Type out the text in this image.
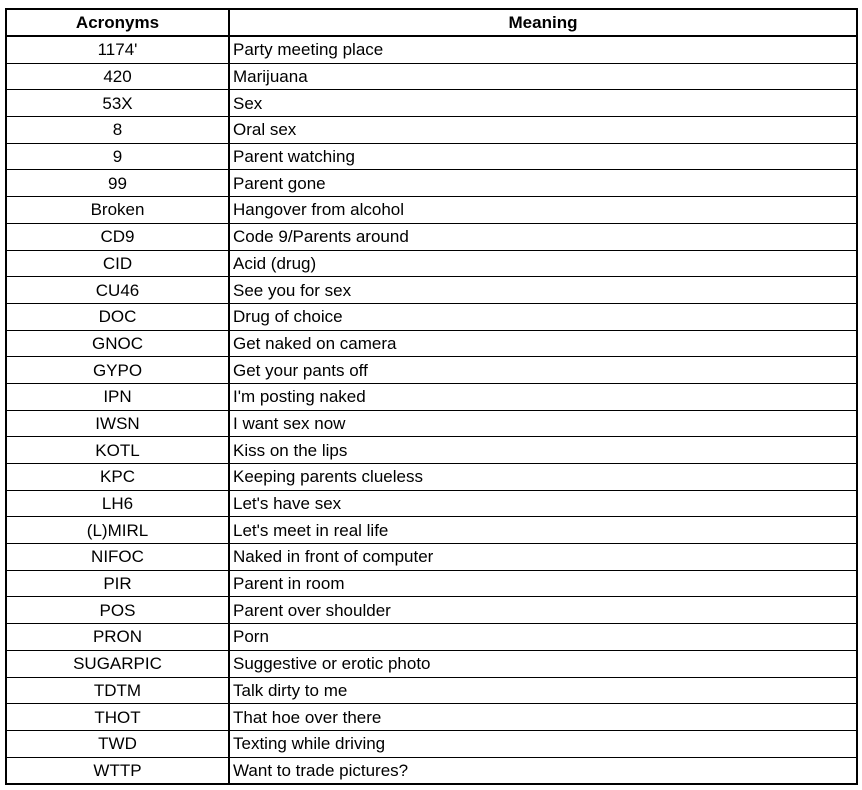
Acronyms	Meaning
1174'	Party meeting place
420	Marijuana
53X	Sex
8	Oral sex
9	Parent watching
99	Parent gone
Broken	Hangover from alcohol
CD9	Code 9/Parents around
CID	Acid (drug)
CU46	See you for sex
DOC	Drug of choice
GNOC	Get naked on camera
GYPO	Get your pants off
IPN	I'm posting naked
IWSN	I want sex now
KOTL	Kiss on the lips
KPC	Keeping parents clueless
LH6	Let's have sex
(L)MIRL	Let's meet in real life
NIFOC	Naked in front of computer
PIR	Parent in room
POS	Parent over shoulder
PRON	Porn
SUGARPIC	Suggestive or erotic photo
TDTM	Talk dirty to me
THOT	That hoe over there
TWD	Texting while driving
WTTP	Want to trade pictures?
